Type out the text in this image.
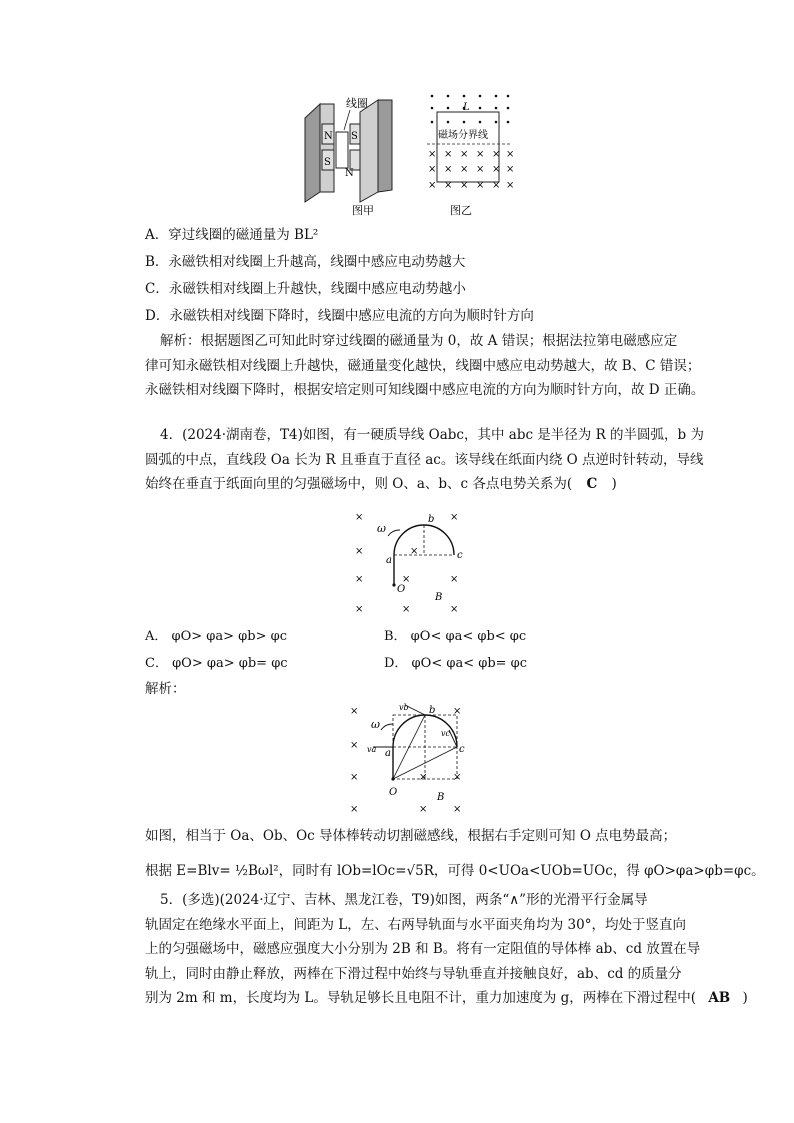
N
S
线圈
S
N
图甲
× × × × × ×
× × × × × ×
× × × × × ×
L
磁场分界线
图乙
A．穿过线圈的磁通量为 BL²
B．永磁铁相对线圈上升越高，线圈中感应电动势越大
C．永磁铁相对线圈上升越快，线圈中感应电动势越小
D．永磁铁相对线圈下降时，线圈中感应电流的方向为顺时针方向
解析：根据题图乙可知此时穿过线圈的磁通量为 0，故 A 错误；根据法拉第电磁感应定
律可知永磁铁相对线圈上升越快，磁通量变化越快，线圈中感应电动势越大，故 B、C 错误；
永磁铁相对线圈下降时，根据安培定则可知线圈中感应电流的方向为顺时针方向，故 D 正确。
4．(2024·湖南卷，T4)如图，有一硬质导线 Oabc，其中 abc 是半径为 R 的半圆弧，b 为
圆弧的中点，直线段 Oa 长为 R 且垂直于直径 ac。该导线在纸面内绕 O 点逆时针转动，导线
始终在垂直于纸面向里的匀强磁场中，则 O、a、b、c 各点电势关系为( C )
×	×
×
×	×	×
×	×	×
×
ω
a
b
c
O
B
A． φO> φa> φb> φc	B． φO< φa< φb< φc
C． φO> φa> φb= φc	D． φO< φa< φb= φc
解析：
×	×
×
×	×
×	×
×
×
ω
a
b
c
O	B
vb
vc
va
如图，相当于 Oa、Ob、Oc 导体棒转动切割磁感线，根据右手定则可知 O 点电势最高；
根据 E=Blv= ½Bωl²，同时有 lOb=lOc=√5R，可得 0<UOa<UOb=UOc，得 φO>φa>φb=φc。
5．(多选)(2024·辽宁、吉林、黑龙江卷，T9)如图，两条“∧”形的光滑平行金属导
轨固定在绝缘水平面上，间距为 L，左、右两导轨面与水平面夹角均为 30°，均处于竖直向
上的匀强磁场中，磁感应强度大小分别为 2B 和 B。将有一定阻值的导体棒 ab、cd 放置在导
轨上，同时由静止释放，两棒在下滑过程中始终与导轨垂直并接触良好，ab、cd 的质量分
别为 2m 和 m，长度均为 L。导轨足够长且电阻不计，重力加速度为 g，两棒在下滑过程中( AB )
